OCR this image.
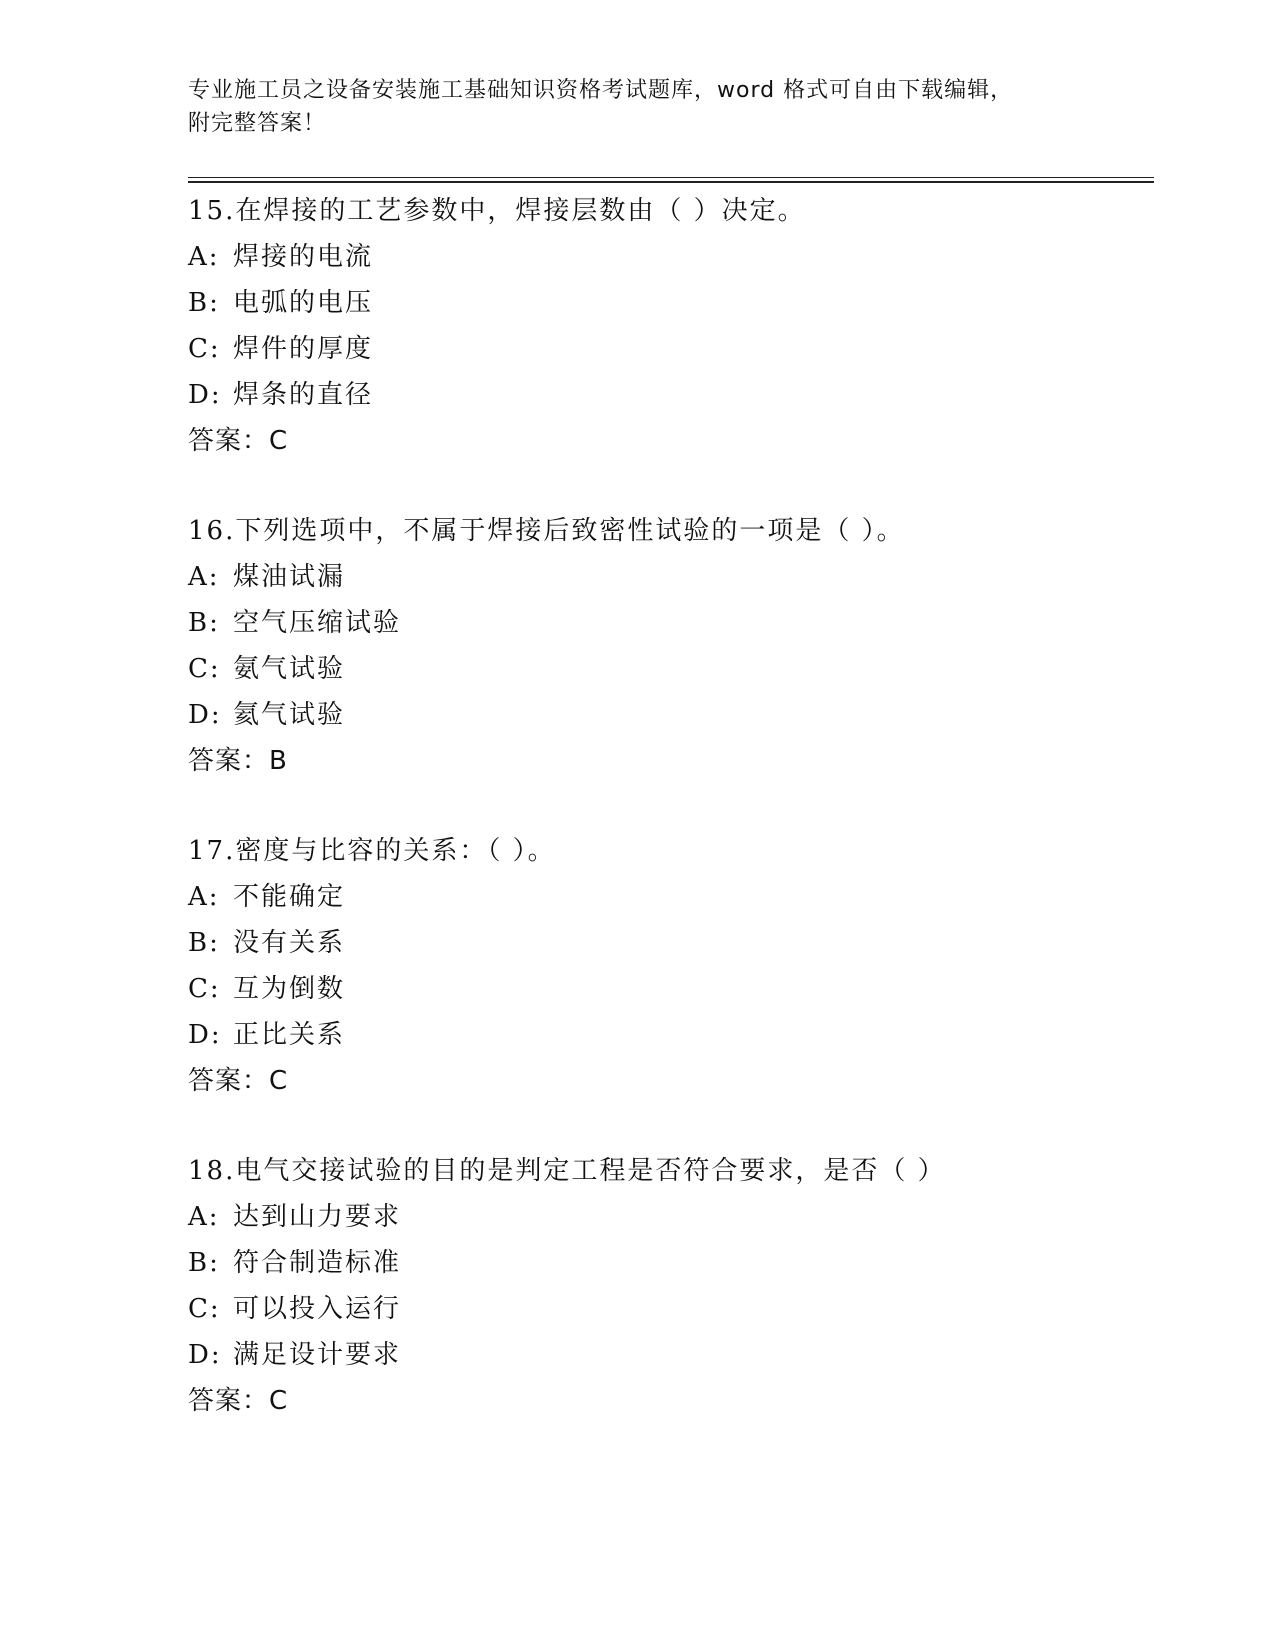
专业施工员之设备安装施工基础知识资格考试题库，word 格式可自由下载编辑，
附完整答案！
15.在焊接的工艺参数中，焊接层数由（ ）决定。
A: 焊接的电流
B: 电弧的电压
C: 焊件的厚度
D: 焊条的直径
答案：C
16.下列选项中，不属于焊接后致密性试验的一项是（ ）。
A: 煤油试漏
B: 空气压缩试验
C: 氨气试验
D: 氦气试验
答案：B
17.密度与比容的关系：（ ）。
A: 不能确定
B: 没有关系
C: 互为倒数
D: 正比关系
答案：C
18.电气交接试验的目的是判定工程是否符合要求，是否（ ）
A: 达到山力要求
B: 符合制造标准
C: 可以投入运行
D: 满足设计要求
答案：C
